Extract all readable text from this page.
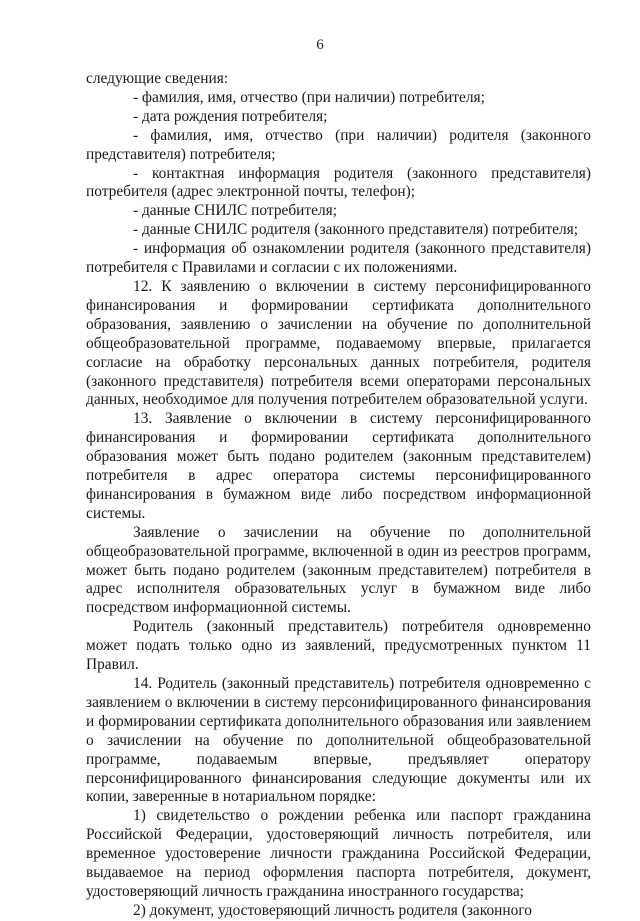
6

следующие сведения:

- фамилия, имя, отчество (при наличии) потребителя;

- дата рождения потребителя;

- фамилия, имя, отчество (при наличии) родителя (законного представителя) потребителя;

- контактная информация родителя (законного представителя) потребителя (адрес электронной почты, телефон);

- данные СНИЛС потребителя;

- данные СНИЛС родителя (законного представителя) потребителя;

- информация об ознакомлении родителя (законного представителя) потребителя с Правилами и согласии с их положениями.

12. К заявлению о включении в систему персонифицированного финансирования и формировании сертификата дополнительного образования, заявлению о зачислении на обучение по дополнительной общеобразовательной программе, подаваемому впервые, прилагается согласие на обработку персональных данных потребителя, родителя (законного представителя) потребителя всеми операторами персональных данных, необходимое для получения потребителем образовательной услуги.

13. Заявление о включении в систему персонифицированного финансирования и формировании сертификата дополнительного образования может быть подано родителем (законным представителем) потребителя в адрес оператора системы персонифицированного финансирования в бумажном виде либо посредством информационной системы.

Заявление о зачислении на обучение по дополнительной общеобразовательной программе, включенной в один из реестров программ, может быть подано родителем (законным представителем) потребителя в адрес исполнителя образовательных услуг в бумажном виде либо посредством информационной системы.

Родитель (законный представитель) потребителя одновременно может подать только одно из заявлений, предусмотренных пунктом 11 Правил.

14. Родитель (законный представитель) потребителя одновременно с заявлением о включении в систему персонифицированного финансирования и формировании сертификата дополнительного образования или заявлением о зачислении на обучение по дополнительной общеобразовательной программе, подаваемым впервые, предъявляет оператору персонифицированного финансирования следующие документы или их копии, заверенные в нотариальном порядке:

1) свидетельство о рождении ребенка или паспорт гражданина Российской Федерации, удостоверяющий личность потребителя, или временное удостоверение личности гражданина Российской Федерации, выдаваемое на период оформления паспорта потребителя, документ, удостоверяющий личность гражданина иностранного государства;

2) документ, удостоверяющий личность родителя (законного
